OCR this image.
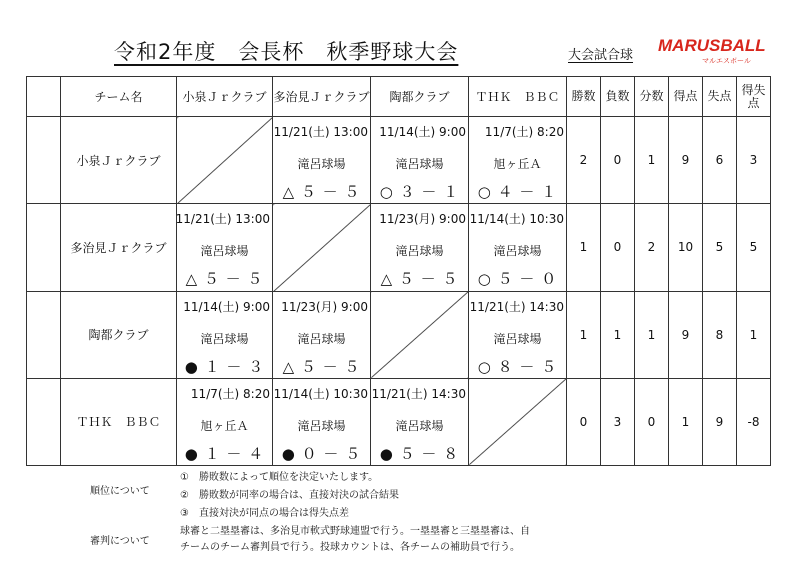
令和2年度　会長杯　秋季野球大会	大会試合球
MARUSBALL
マルエスボール
	チーム名	小泉Ｊｒクラブ	多治見Ｊｒクラブ	陶都クラブ	ＴＨＫ　ＢＢＣ	勝数	負数	分数	得点	失点	得失点
	小泉Ｊｒクラブ		11/21(土) 13:00
滝呂球場
△ ５ － ５	11/14(土) 9:00
滝呂球場
○ ３ － １	11/7(土) 8:20
旭ヶ丘Ａ
○ ４ － １	2	0	1	9	6	3
	多治見Ｊｒクラブ	11/21(土) 13:00
滝呂球場
△ ５ － ５		11/23(月) 9:00
滝呂球場
△ ５ － ５	11/14(土) 10:30
滝呂球場
○ ５ － ０	1	0	2	10	5	5
	陶都クラブ	11/14(土) 9:00
滝呂球場
● １ － ３	11/23(月) 9:00
滝呂球場
△ ５ － ５		11/21(土) 14:30
滝呂球場
○ ８ － ５	1	1	1	9	8	1
	ＴＨＫ　ＢＢＣ	11/7(土) 8:20
旭ヶ丘Ａ
● １ － ４	11/14(土) 10:30
滝呂球場
● ０ － ５	11/21(土) 14:30
滝呂球場
● ５ － ８		0	3	0	1	9	-8
順位について
①　勝敗数によって順位を決定いたします。
②　勝敗数が同率の場合は、直接対決の試合結果
③　直接対決が同点の場合は得失点差
審判について
球審と二塁塁審は、多治見市軟式野球連盟で行う。一塁塁審と三塁塁審は、自
チームのチーム審判員で行う。投球カウントは、各チームの補助員で行う。
